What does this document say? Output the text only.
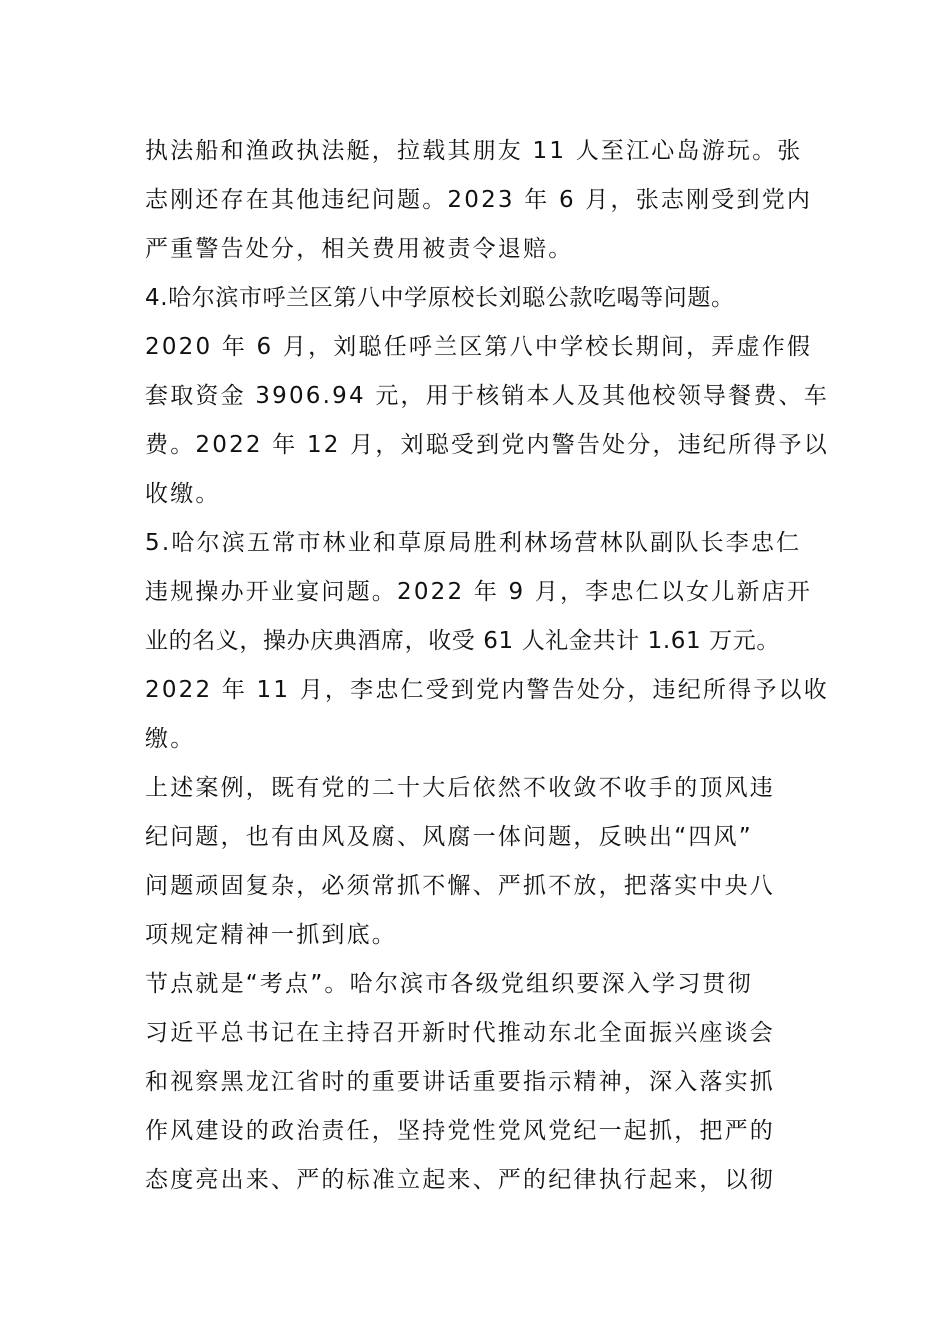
执法船和渔政执法艇，拉载其朋友 11 人至江心岛游玩。张
志刚还存在其他违纪问题。2023 年 6 月，张志刚受到党内
严重警告处分，相关费用被责令退赔。
4.哈尔滨市呼兰区第八中学原校长刘聪公款吃喝等问题。
2020 年 6 月，刘聪任呼兰区第八中学校长期间，弄虚作假
套取资金 3906.94 元，用于核销本人及其他校领导餐费、车
费。2022 年 12 月，刘聪受到党内警告处分，违纪所得予以
收缴。
5.哈尔滨五常市林业和草原局胜利林场营林队副队长李忠仁
违规操办开业宴问题。2022 年 9 月，李忠仁以女儿新店开
业的名义，操办庆典酒席，收受 61 人礼金共计 1.61 万元。
2022 年 11 月，李忠仁受到党内警告处分，违纪所得予以收
缴。
上述案例，既有党的二十大后依然不收敛不收手的顶风违
纪问题，也有由风及腐、风腐一体问题，反映出“四风”
问题顽固复杂，必须常抓不懈、严抓不放，把落实中央八
项规定精神一抓到底。
节点就是“考点”。哈尔滨市各级党组织要深入学习贯彻
习近平总书记在主持召开新时代推动东北全面振兴座谈会
和视察黑龙江省时的重要讲话重要指示精神，深入落实抓
作风建设的政治责任，坚持党性党风党纪一起抓，把严的
态度亮出来、严的标准立起来、严的纪律执行起来，以彻
